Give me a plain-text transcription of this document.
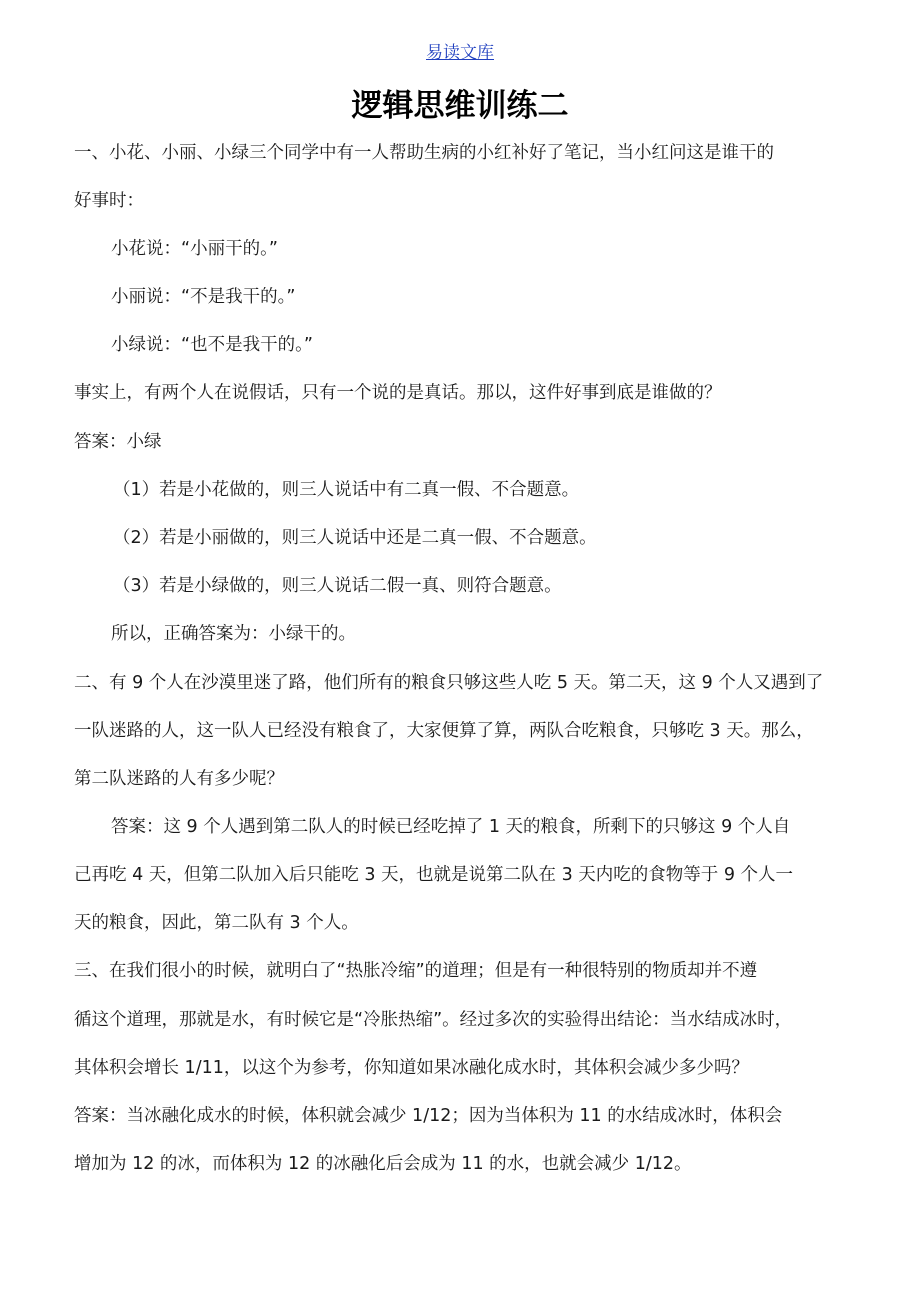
易读文库
逻辑思维训练二
一、小花、小丽、小绿三个同学中有一人帮助生病的小红补好了笔记，当小红问这是谁干的
好事时：
小花说：“小丽干的。”
小丽说：“不是我干的。”
小绿说：“也不是我干的。”
事实上，有两个人在说假话，只有一个说的是真话。那以，这件好事到底是谁做的？
答案：小绿
（1）若是小花做的，则三人说话中有二真一假、不合题意。
（2）若是小丽做的，则三人说话中还是二真一假、不合题意。
（3）若是小绿做的，则三人说话二假一真、则符合题意。
所以，正确答案为：小绿干的。
二、有 9 个人在沙漠里迷了路，他们所有的粮食只够这些人吃 5 天。第二天，这 9 个人又遇到了
一队迷路的人，这一队人已经没有粮食了，大家便算了算，两队合吃粮食，只够吃 3 天。那么，
第二队迷路的人有多少呢？
答案：这 9 个人遇到第二队人的时候已经吃掉了 1 天的粮食，所剩下的只够这 9 个人自
己再吃 4 天，但第二队加入后只能吃 3 天，也就是说第二队在 3 天内吃的食物等于 9 个人一
天的粮食，因此，第二队有 3 个人。
三、在我们很小的时候，就明白了“热胀冷缩”的道理；但是有一种很特别的物质却并不遵
循这个道理，那就是水，有时候它是“冷胀热缩”。经过多次的实验得出结论：当水结成冰时，
其体积会增长 1/11，以这个为参考，你知道如果冰融化成水时，其体积会减少多少吗？
答案：当冰融化成水的时候，体积就会减少 1/12；因为当体积为 11 的水结成冰时，体积会
增加为 12 的冰，而体积为 12 的冰融化后会成为 11 的水，也就会减少 1/12。
